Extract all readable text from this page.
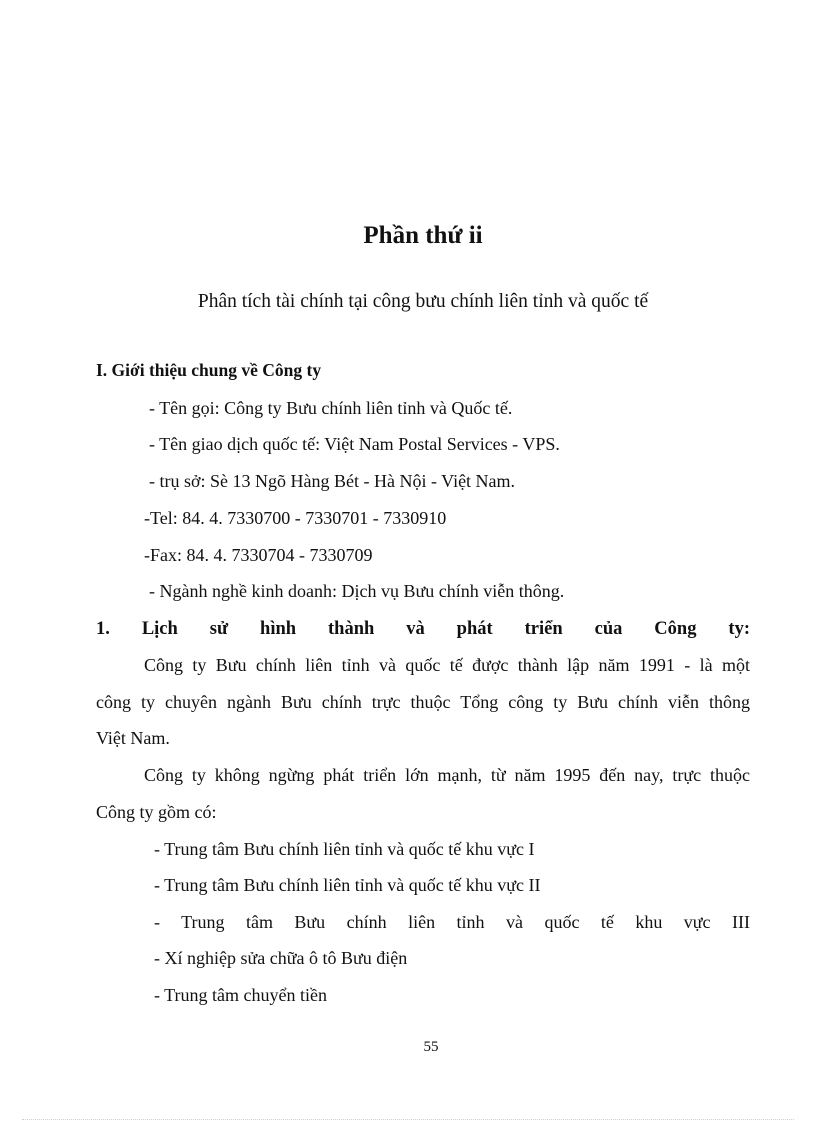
Phần thứ ii
Phân tích tài chính tại công bưu chính liên tỉnh và quốc tế
I. Giới thiệu chung về Công ty
- Tên gọi: Công ty Bưu chính liên tỉnh và Quốc tế.
- Tên giao dịch quốc tế: Việt Nam Postal Services - VPS.
- trụ sở: Sè 13 Ngõ Hàng Bét - Hà Nội - Việt Nam.
-Tel: 84. 4. 7330700 - 7330701 - 7330910
-Fax: 84. 4. 7330704 - 7330709
- Ngành nghề kinh doanh: Dịch vụ Bưu chính viễn thông.
1. Lịch sử hình thành và phát triển của Công ty:
Công ty Bưu chính liên tỉnh và quốc tế được thành lập năm 1991 - là một
công ty chuyên ngành Bưu chính trực thuộc Tổng công ty Bưu chính viễn thông
Việt Nam.
Công ty không ngừng phát triển lớn mạnh, từ năm 1995 đến nay, trực thuộc
Công ty gồm có:
- Trung tâm Bưu chính liên tỉnh và quốc tế khu vực I
- Trung tâm Bưu chính liên tỉnh và quốc tế khu vực II
- Trung tâm Bưu chính liên tỉnh và quốc tế khu vực III
- Xí nghiệp sửa chữa ô tô Bưu điện
- Trung tâm chuyển tiền
55
